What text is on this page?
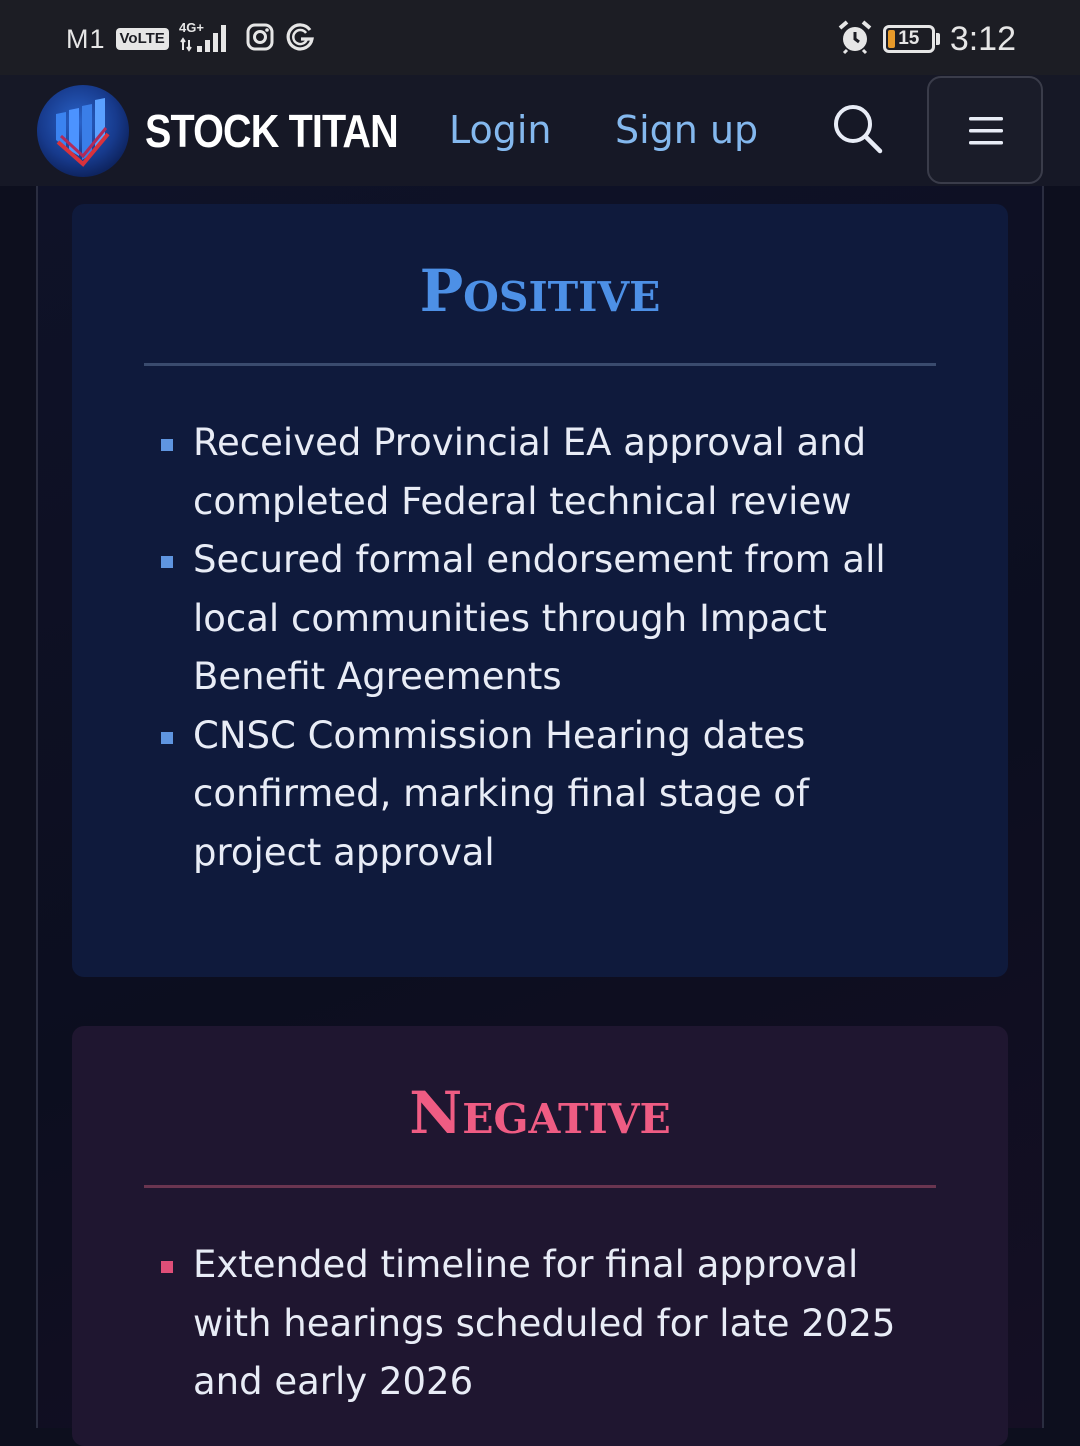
M1 VoLTE
4G+
15 3:12
STOCK TITAN Login Sign up
Positive
Received Provincial EA approval and completed Federal technical review
Secured formal endorsement from all local communities through Impact Benefit Agreements
CNSC Commission Hearing dates confirmed, marking final stage of project approval
Negative
Extended timeline for final approval with hearings scheduled for late 2025 and early 2026
